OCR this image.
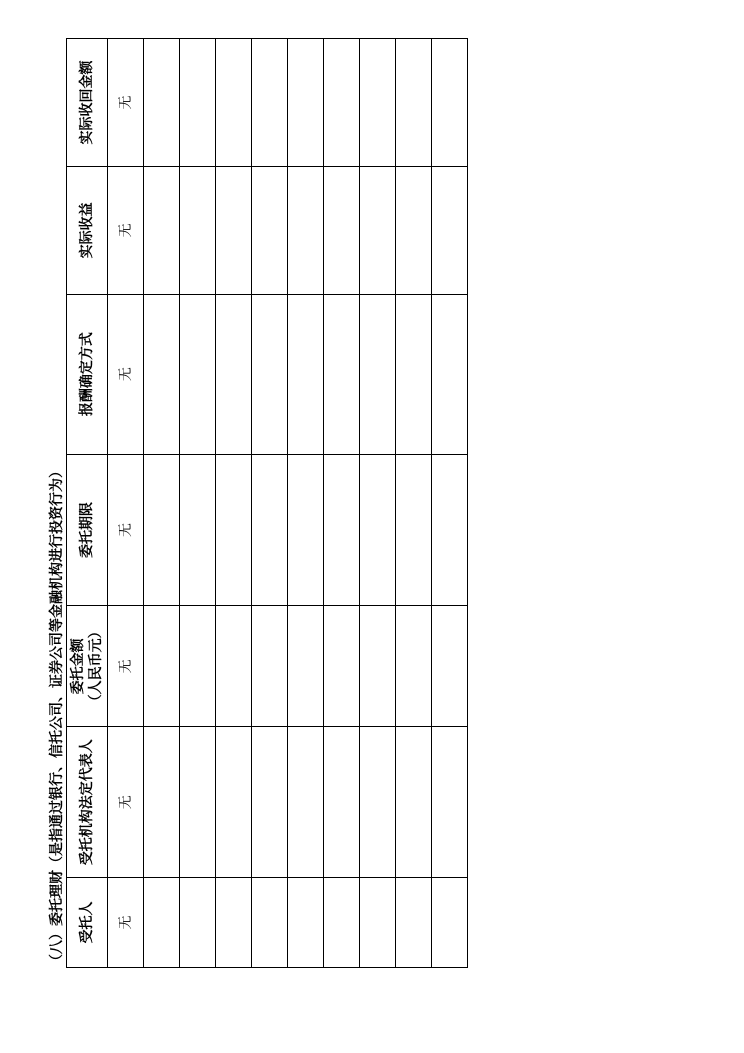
（八）委托理财（是指通过银行、信托公司、证券公司等金融机构进行投资行为） 受托人	受托机构法定代表人	委托金额 （人民币元）	委托期限	报酬确定方式	实际收益	实际收回金额
无	无	无	无	无	无	无
